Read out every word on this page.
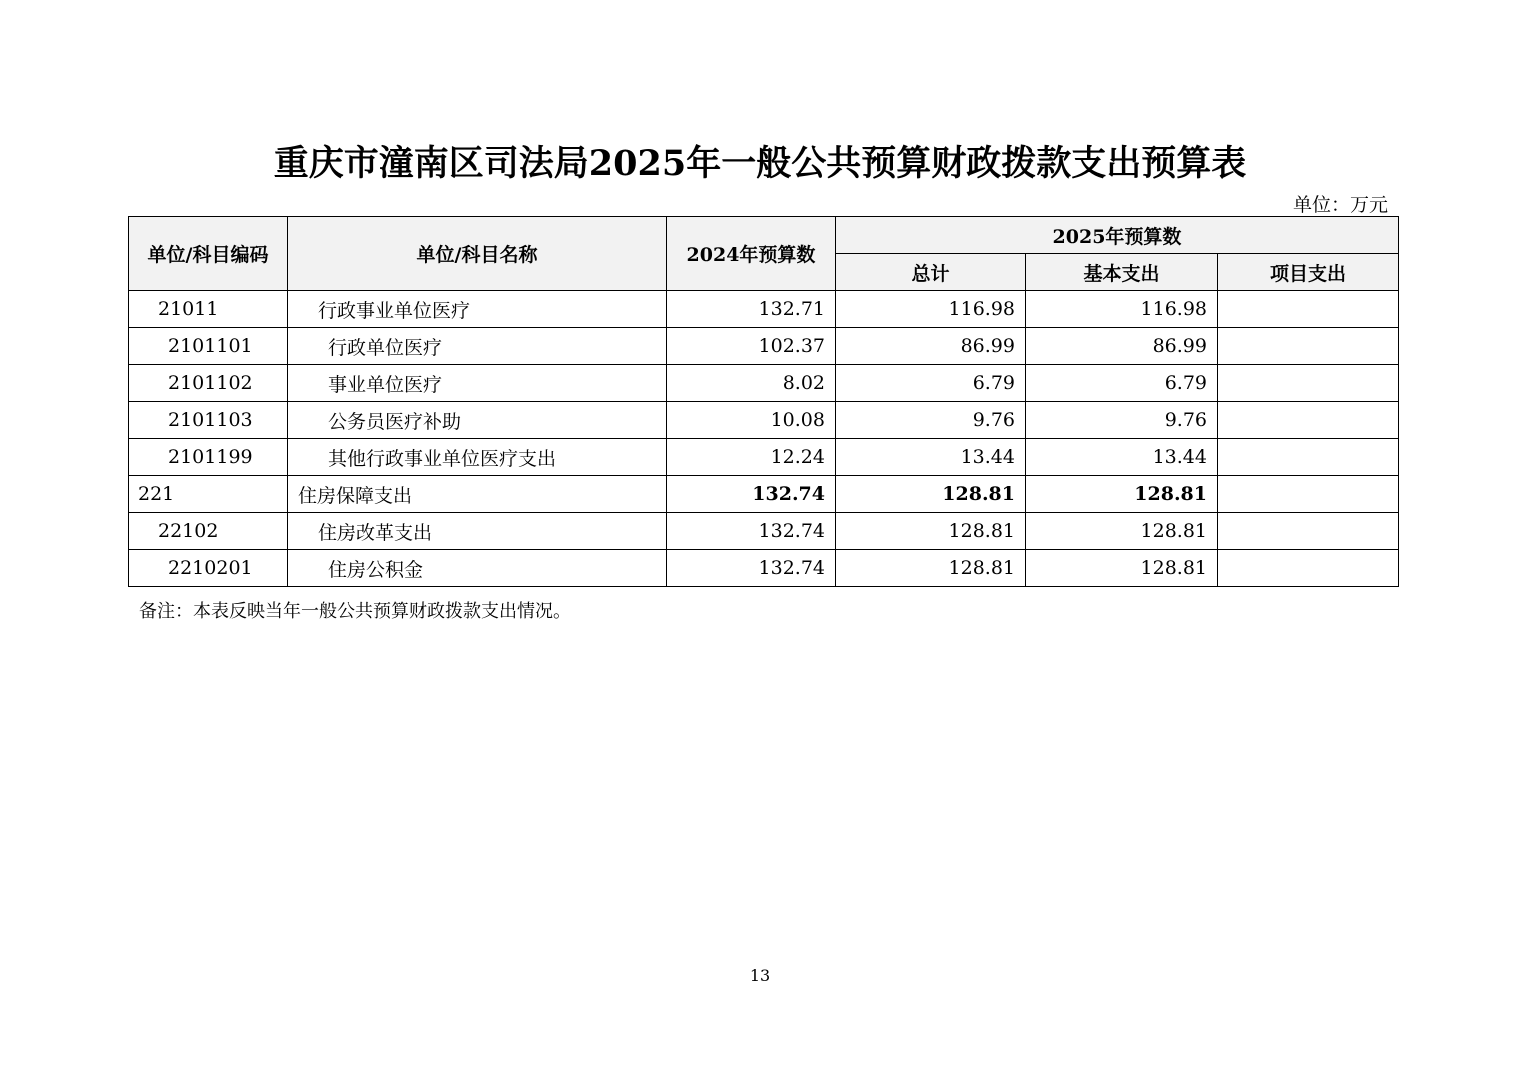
重庆市潼南区司法局2025年一般公共预算财政拨款支出预算表
单位：万元
单位/科目编码	单位/科目名称	2024年预算数	2025年预算数		
			总计	基本支出	项目支出
21011	行政事业单位医疗	132.71	116.98	116.98	
2101101	行政单位医疗	102.37	86.99	86.99	
2101102	事业单位医疗	8.02	6.79	6.79	
2101103	公务员医疗补助	10.08	9.76	9.76	
2101199	其他行政事业单位医疗支出	12.24	13.44	13.44	
221	住房保障支出	132.74	128.81	128.81	
22102	住房改革支出	132.74	128.81	128.81	
2210201	住房公积金	132.74	128.81	128.81	
备注：本表反映当年一般公共预算财政拨款支出情况。
13
